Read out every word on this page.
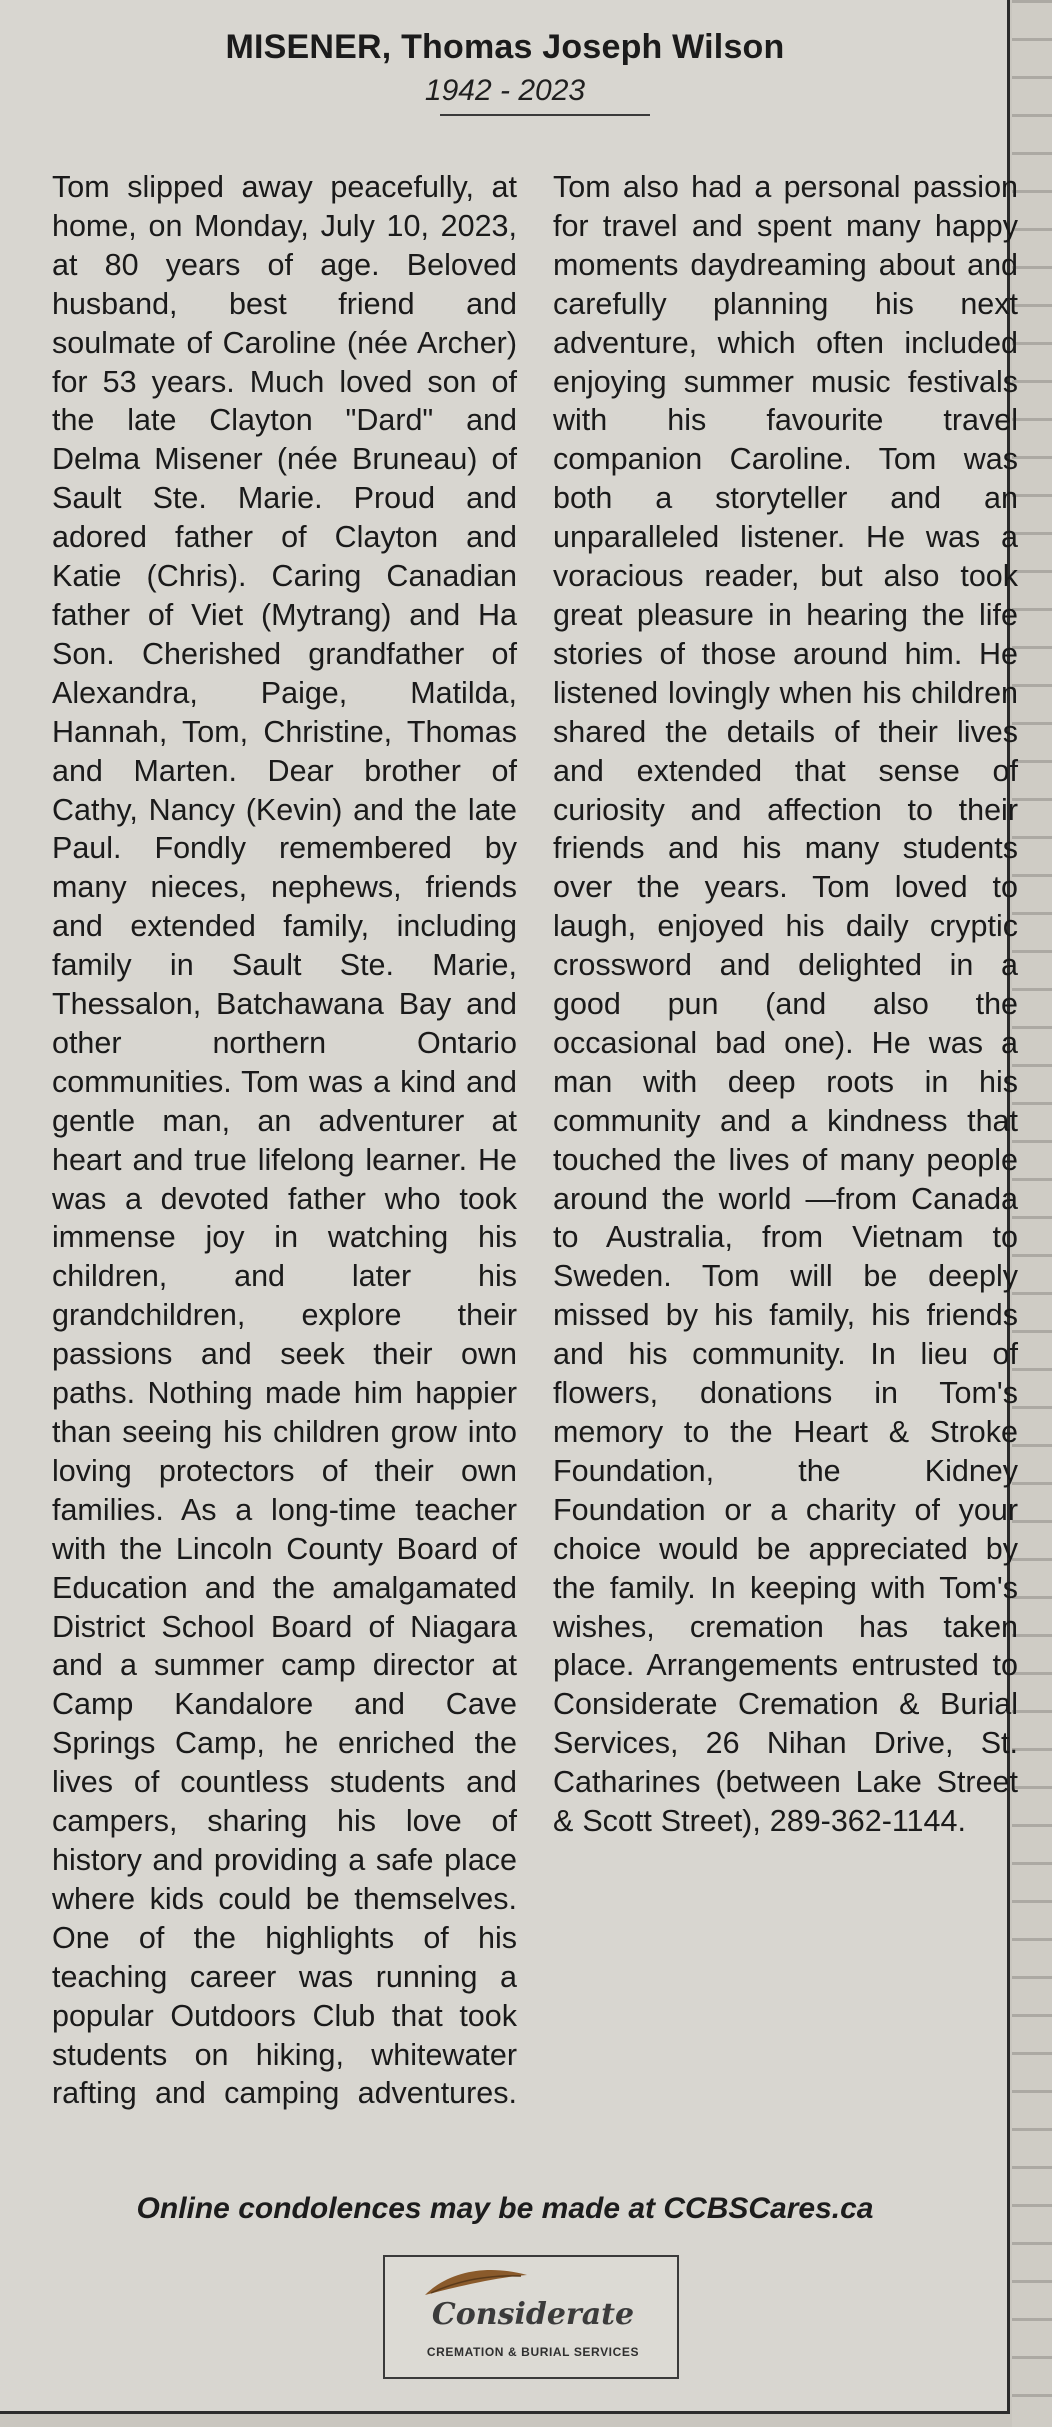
MISENER, Thomas Joseph Wilson
1942 - 2023

Tom slipped away peacefully, at home, on Monday, July 10, 2023, at 80 years of age. Beloved husband, best friend and soulmate of Caroline (née Archer) for 53 years. Much loved son of the late Clayton "Dard" and Delma Misener (née Bruneau) of Sault Ste. Marie. Proud and adored father of Clayton and Katie (Chris). Caring Canadian father of Viet (Mytrang) and Ha Son. Cherished grandfather of Alexandra, Paige, Matilda, Hannah, Tom, Christine, Thomas and Marten. Dear brother of Cathy, Nancy (Kevin) and the late Paul. Fondly remembered by many nieces, nephews, friends and extended family, including family in Sault Ste. Marie, Thessalon, Batchawana Bay and other northern Ontario communities. Tom was a kind and gentle man, an adventurer at heart and true lifelong learner. He was a devoted father who took immense joy in watching his children, and later his grandchildren, explore their passions and seek their own paths. Nothing made him happier than seeing his children grow into loving protectors of their own families. As a long-time teacher with the Lincoln County Board of Education and the amalgamated District School Board of Niagara and a summer camp director at Camp Kandalore and Cave Springs Camp, he enriched the lives of countless students and campers, sharing his love of history and providing a safe place where kids could be themselves. One of the highlights of his teaching career was running a popular Outdoors Club that took students on hiking, whitewater rafting and camping adventures. Tom also had a personal passion for travel and spent many happy moments daydreaming about and carefully planning his next adventure, which often included enjoying summer music festivals with his favourite travel companion Caroline. Tom was both a storyteller and an unparalleled listener. He was a voracious reader, but also took great pleasure in hearing the life stories of those around him. He listened lovingly when his children shared the details of their lives and extended that sense of curiosity and affection to their friends and his many students over the years. Tom loved to laugh, enjoyed his daily cryptic crossword and delighted in a good pun (and also the occasional bad one). He was a man with deep roots in his community and a kindness that touched the lives of many people around the world —from Canada to Australia, from Vietnam to Sweden. Tom will be deeply missed by his family, his friends and his community. In lieu of flowers, donations in Tom's memory to the Heart & Stroke Foundation, the Kidney Foundation or a charity of your choice would be appreciated by the family. In keeping with Tom's wishes, cremation has taken place. Arrangements entrusted to Considerate Cremation & Burial Services, 26 Nihan Drive, St. Catharines (between Lake Street & Scott Street), 289-362-1144.

Online condolences may be made at CCBSCares.ca
Considerate
CREMATION & BURIAL SERVICES
